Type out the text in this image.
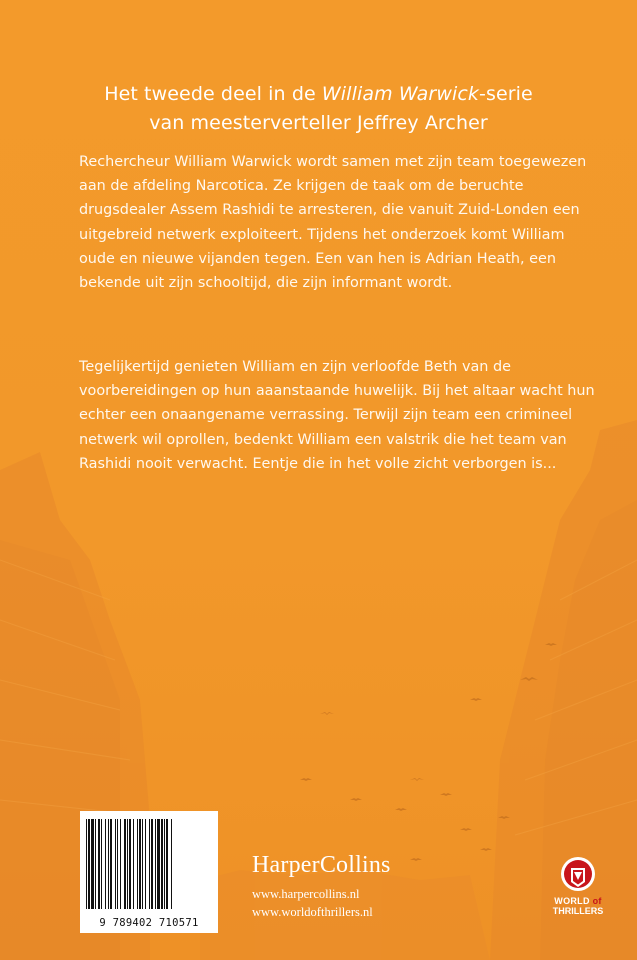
Het tweede deel in de William Warwick-serie
van meesterverteller Jeffrey Archer

Rechercheur William Warwick wordt samen met zijn team toegewezen aan de afdeling Narcotica. Ze krijgen de taak om de beruchte drugsdealer Assem Rashidi te arresteren, die vanuit Zuid-Londen een uitgebreid netwerk exploiteert. Tijdens het onderzoek komt William oude en nieuwe vijanden tegen. Een van hen is Adrian Heath, een bekende uit zijn schooltijd, die zijn informant wordt.

Tegelijkertijd genieten William en zijn verloofde Beth van de voorbereidingen op hun aaanstaande huwelijk. Bij het altaar wacht hun echter een onaangename verrassing. Terwijl zijn team een crimineel netwerk wil oprollen, bedenkt William een valstrik die het team van Rashidi nooit verwacht. Eentje die in het volle zicht verborgen is...

9 789402 710571
HarperCollins
www.harpercollins.nl
www.worldofthrillers.nl
WORLD of
THRILLERS
